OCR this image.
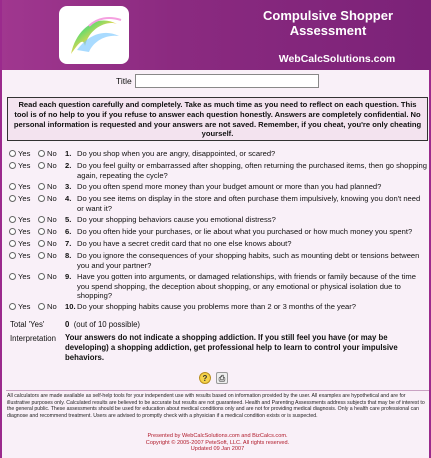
Compulsive Shopper Assessment
WebCalcSolutions.com
Title
Read each question carefully and completely. Take as much time as you need to reflect on each question. This tool is of no help to you if you refuse to answer each question honestly. Answers are completely confidential. No personal information is requested and your answers are not saved. Remember, if you cheat, you're only cheating yourself.
Yes No 1. Do you shop when you are angry, disappointed, or scared?
Yes No 2. Do you feel guilty or embarrassed after shopping, often returning the purchased items, then go shopping again, repeating the cycle?
Yes No 3. Do you often spend more money than your budget amount or more than you had planned?
Yes No 4. Do you see items on display in the store and often purchase them impulsively, knowing you don't need or want it?
Yes No 5. Do your shopping behaviors cause you emotional distress?
Yes No 6. Do you often hide your purchases, or lie about what you purchased or how much money you spent?
Yes No 7. Do you have a secret credit card that no one else knows about?
Yes No 8. Do you ignore the consequences of your shopping habits, such as mounting debt or tensions between you and your partner?
Yes No 9. Have you gotten into arguments, or damaged relationships, with friends or family because of the time you spend shopping, the deception about shopping, or any emotional or physical isolation due to shopping?
Yes No 10. Do your shopping habits cause you problems more than 2 or 3 months of the year?
Total 'Yes'	0 (out of 10 possible)
Interpretation Your answers do not indicate a shopping addiction. If you still feel you have (or may be developing) a shopping addiction, get professional help to learn to control your impulsive behaviors.
?	⎙
All calculators are made available as self-help tools for your independent use with results based on information provided by the user. All examples are hypothetical and are for illustrative purposes only. Calculated results are believed to be accurate but results are not guaranteed. Health and Parenting Assessments address subjects that may be of interest to the general public. These assessments should be used for education about medical conditions only and are not for providing medical diagnosis. Only a health care professional can diagnose and recommend treatment. Users are advised to promptly check with a physician if a medical condition exists or is suspected.
Presented by WebCalcSolutions.com and BizCalcs.com.
Copyright © 2005-2007 PeteSoft, LLC. All rights reserved.
Updated 09 Jan 2007
